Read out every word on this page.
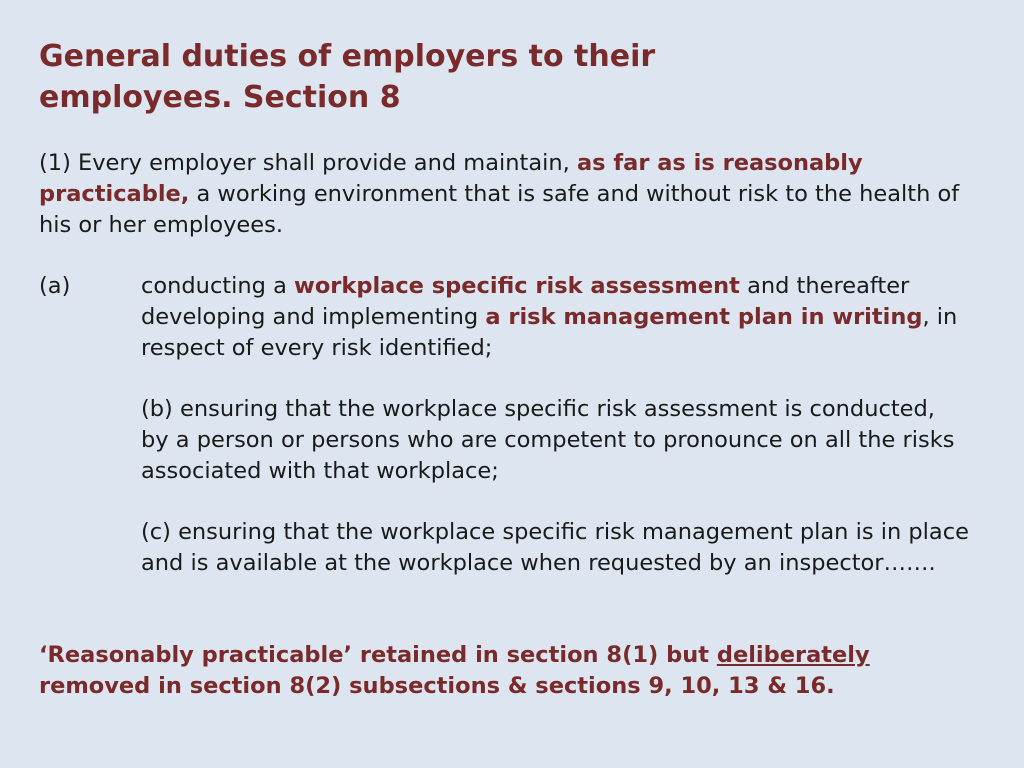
General duties of employers to their
employees. Section 8

(1) Every employer shall provide and maintain, as far as is reasonably practicable, a working environment that is safe and without risk to the health of his or her employees.

(a)	conducting a workplace specific risk assessment and thereafter developing and implementing a risk management plan in writing, in respect of every risk identified;

(b) ensuring that the workplace specific risk assessment is conducted, by a person or persons who are competent to pronounce on all the risks associated with that workplace;

(c) ensuring that the workplace specific risk management plan is in place and is available at the workplace when requested by an inspector…….

‘Reasonably practicable’ retained in section 8(1) but deliberately removed in section 8(2) subsections & sections 9, 10, 13 & 16.
